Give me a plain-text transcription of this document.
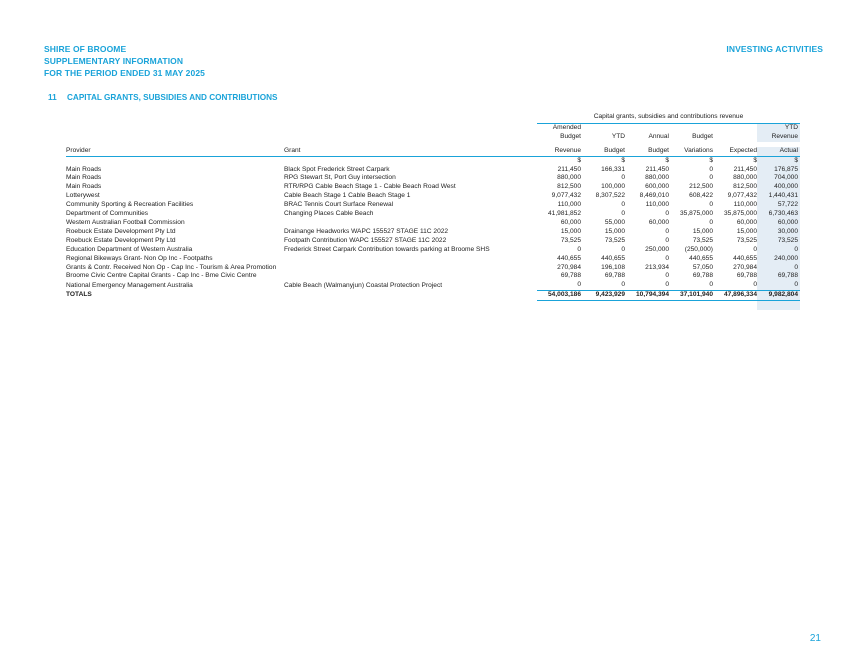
SHIRE OF BROOME
SUPPLEMENTARY INFORMATION
FOR THE PERIOD ENDED 31 MAY 2025
INVESTING ACTIVITIES
11 CAPITAL GRANTS, SUBSIDIES AND CONTRIBUTIONS
		Capital grants, subsidies and contributions revenue					
		Amended					YTD
		Budget	YTD	Annual	Budget		Revenue

Provider	Grant	Revenue	Budget	Budget	Variations	Expected	Actual
		$	$	$	$	$	$
Main Roads	Black Spot Frederick Street Carpark	211,450	166,331	211,450	0	211,450	176,875
Main Roads	RPG Stewart St, Port Guy intersection	880,000	0	880,000	0	880,000	704,000
Main Roads	RTR/RPG Cable Beach Stage 1 - Cable Beach Road West	812,500	100,000	600,000	212,500	812,500	400,000
Lotterywest	Cable Beach Stage 1 Cable Beach Stage 1	9,077,432	8,307,522	8,469,010	608,422	9,077,432	1,440,431
Community Sporting & Recreation Facilities	BRAC Tennis Court Surface Renewal	110,000	0	110,000	0	110,000	57,722
Department of Communities	Changing Places Cable Beach	41,981,852	0	0	35,875,000	35,875,000	6,730,463
Western Australian Football Commission		60,000	55,000	60,000	0	60,000	60,000
Roebuck Estate Development Pty Ltd	Drainange Headworks WAPC 155527 STAGE 11C 2022	15,000	15,000	0	15,000	15,000	30,000
Roebuck Estate Development Pty Ltd	Footpath Contribution WAPC 155527 STAGE 11C 2022	73,525	73,525	0	73,525	73,525	73,525
Education Department of Western Australia	Frederick Street Carpark Contribution towards parking at Broome SHS	0	0	250,000	(250,000)	0	0
Regional Bikeways Grant- Non Op Inc - Footpaths		440,655	440,655	0	440,655	440,655	240,000
Grants & Contr. Received Non Op - Cap Inc - Tourism & Area Promotion		270,984	196,108	213,934	57,050	270,984	0
Broome Civic Centre Capital Grants - Cap Inc - Bme Civic Centre		69,788	69,788	0	69,788	69,788	69,788
National Emergency Management Australia	Cable Beach (Walmanyjun) Coastal Protection Project	0	0	0	0	0	0
TOTALS		54,003,186	9,423,929	10,794,394	37,101,940	47,896,334	9,982,804

21
